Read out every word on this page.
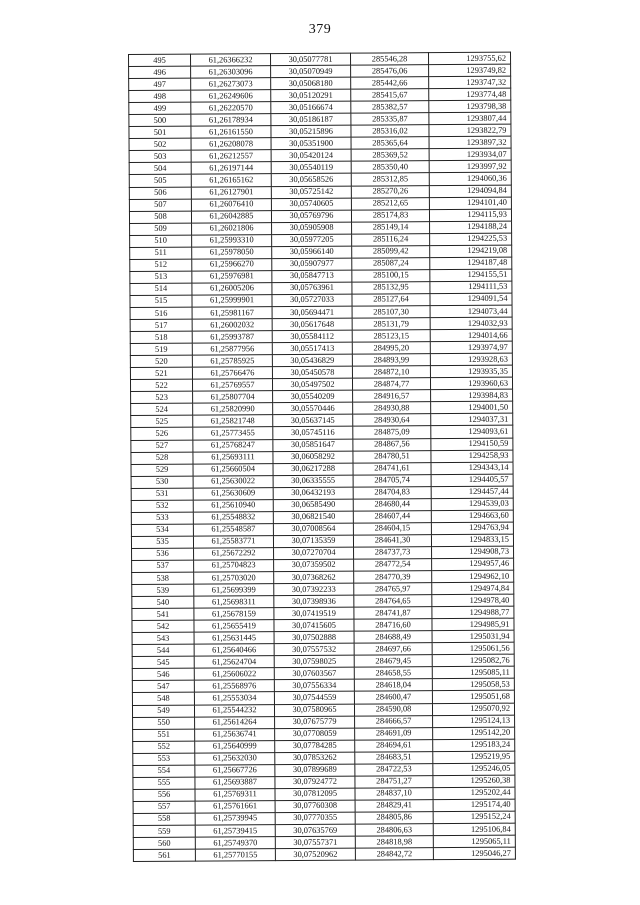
379
495	61,26366232	30,05077781	285546,28	1293755,62
496	61,26303096	30,05070949	285476,06	1293749,82
497	61,26273073	30,05068180	285442,66	1293747,32
498	61,26249606	30,05120291	285415,67	1293774,48
499	61,26220570	30,05166674	285382,57	1293798,38
500	61,26178934	30,05186187	285335,87	1293807,44
501	61,26161550	30,05215896	285316,02	1293822,79
502	61,26208078	30,05351900	285365,64	1293897,32
503	61,26212557	30,05420124	285369,52	1293934,07
504	61,26197144	30,05540119	285350,40	1293997,92
505	61,26165162	30,05658526	285312,85	1294060,36
506	61,26127901	30,05725142	285270,26	1294094,84
507	61,26076410	30,05740605	285212,65	1294101,40
508	61,26042885	30,05769796	285174,83	1294115,93
509	61,26021806	30,05905908	285149,14	1294188,24
510	61,25993310	30,05977205	285116,24	1294225,53
511	61,25978050	30,05966140	285099,42	1294219,08
512	61,25966270	30,05907977	285087,24	1294187,48
513	61,25976981	30,05847713	285100,15	1294155,51
514	61,26005206	30,05763961	285132,95	1294111,53
515	61,25999901	30,05727033	285127,64	1294091,54
516	61,25981167	30,05694471	285107,30	1294073,44
517	61,26002032	30,05617648	285131,79	1294032,93
518	61,25993787	30,05584112	285123,15	1294014,66
519	61,25877956	30,05517413	284995,20	1293974,97
520	61,25785925	30,05436829	284893,99	1293928,63
521	61,25766476	30,05450578	284872,10	1293935,35
522	61,25769557	30,05497502	284874,77	1293960,63
523	61,25807704	30,05540209	284916,57	1293984,83
524	61,25820990	30,05570446	284930,88	1294001,50
525	61,25821748	30,05637145	284930,64	1294037,31
526	61,25773455	30,05745116	284875,09	1294093,61
527	61,25768247	30,05851647	284867,56	1294150,59
528	61,25693111	30,06058292	284780,51	1294258,93
529	61,25660504	30,06217288	284741,61	1294343,14
530	61,25630022	30,06335555	284705,74	1294405,57
531	61,25630609	30,06432193	284704,83	1294457,44
532	61,25610940	30,06585490	284680,44	1294539,03
533	61,25548832	30,06821540	284607,44	1294663,60
534	61,25548587	30,07008564	284604,15	1294763,94
535	61,25583771	30,07135359	284641,30	1294833,15
536	61,25672292	30,07270704	284737,73	1294908,73
537	61,25704823	30,07359502	284772,54	1294957,46
538	61,25703020	30,07368262	284770,39	1294962,10
539	61,25699399	30,07392233	284765,97	1294974,84
540	61,25698311	30,07398936	284764,65	1294978,40
541	61,25678159	30,07419519	284741,87	1294988,77
542	61,25655419	30,07415605	284716,60	1294985,91
543	61,25631445	30,07502888	284688,49	1295031,94
544	61,25640466	30,07557532	284697,66	1295061,56
545	61,25624704	30,07598025	284679,45	1295082,76
546	61,25606022	30,07603567	284658,55	1295085,11
547	61,25568976	30,07556334	284618,04	1295058,53
548	61,25553034	30,07544559	284600,47	1295051,68
549	61,25544232	30,07580965	284590,08	1295070,92
550	61,25614264	30,07675779	284666,57	1295124,13
551	61,25636741	30,07708059	284691,09	1295142,20
552	61,25640999	30,07784285	284694,61	1295183,24
553	61,25632030	30,07853262	284683,51	1295219,95
554	61,25667726	30,07899689	284722,53	1295246,05
555	61,25693887	30,07924772	284751,27	1295260,38
556	61,25769311	30,07812095	284837,10	1295202,44
557	61,25761661	30,07760308	284829,41	1295174,40
558	61,25739945	30,07770355	284805,86	1295152,24
559	61,25739415	30,07635769	284806,63	1295106,84
560	61,25749370	30,07557371	284818,98	1295065,11
561	61,25770155	30,07520962	284842,72	1295046,27
